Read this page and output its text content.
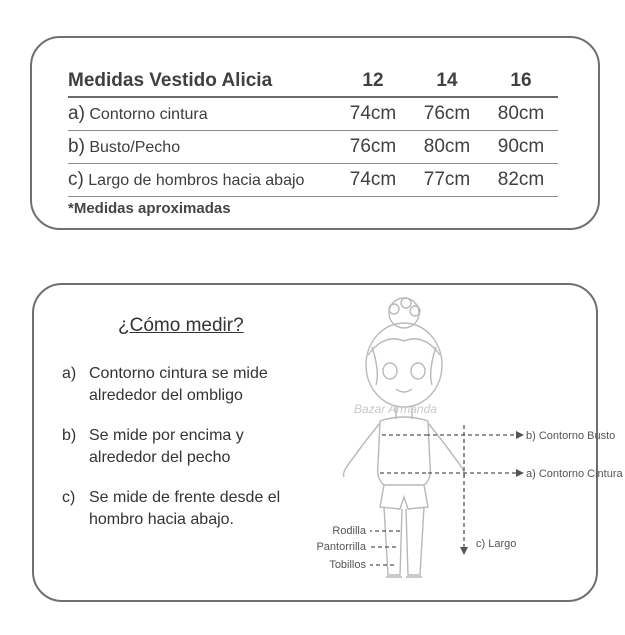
Medidas Vestido Alicia	12	14	16
a) Contorno cintura	74cm	76cm	80cm
b) Busto/Pecho	76cm	80cm	90cm
c) Largo de hombros hacia abajo	74cm	77cm	82cm
*Medidas aproximadas
¿Cómo medir?
a) Contorno cintura se mide alrededor del ombligo
b) Se mide por encima y alrededor del pecho
c) Se mide de frente desde el hombro hacia abajo.
Bazar Armanda
b) Contorno Busto
a) Contorno Cintura
c) Largo
Rodilla
Pantorrilla
Tobillos
